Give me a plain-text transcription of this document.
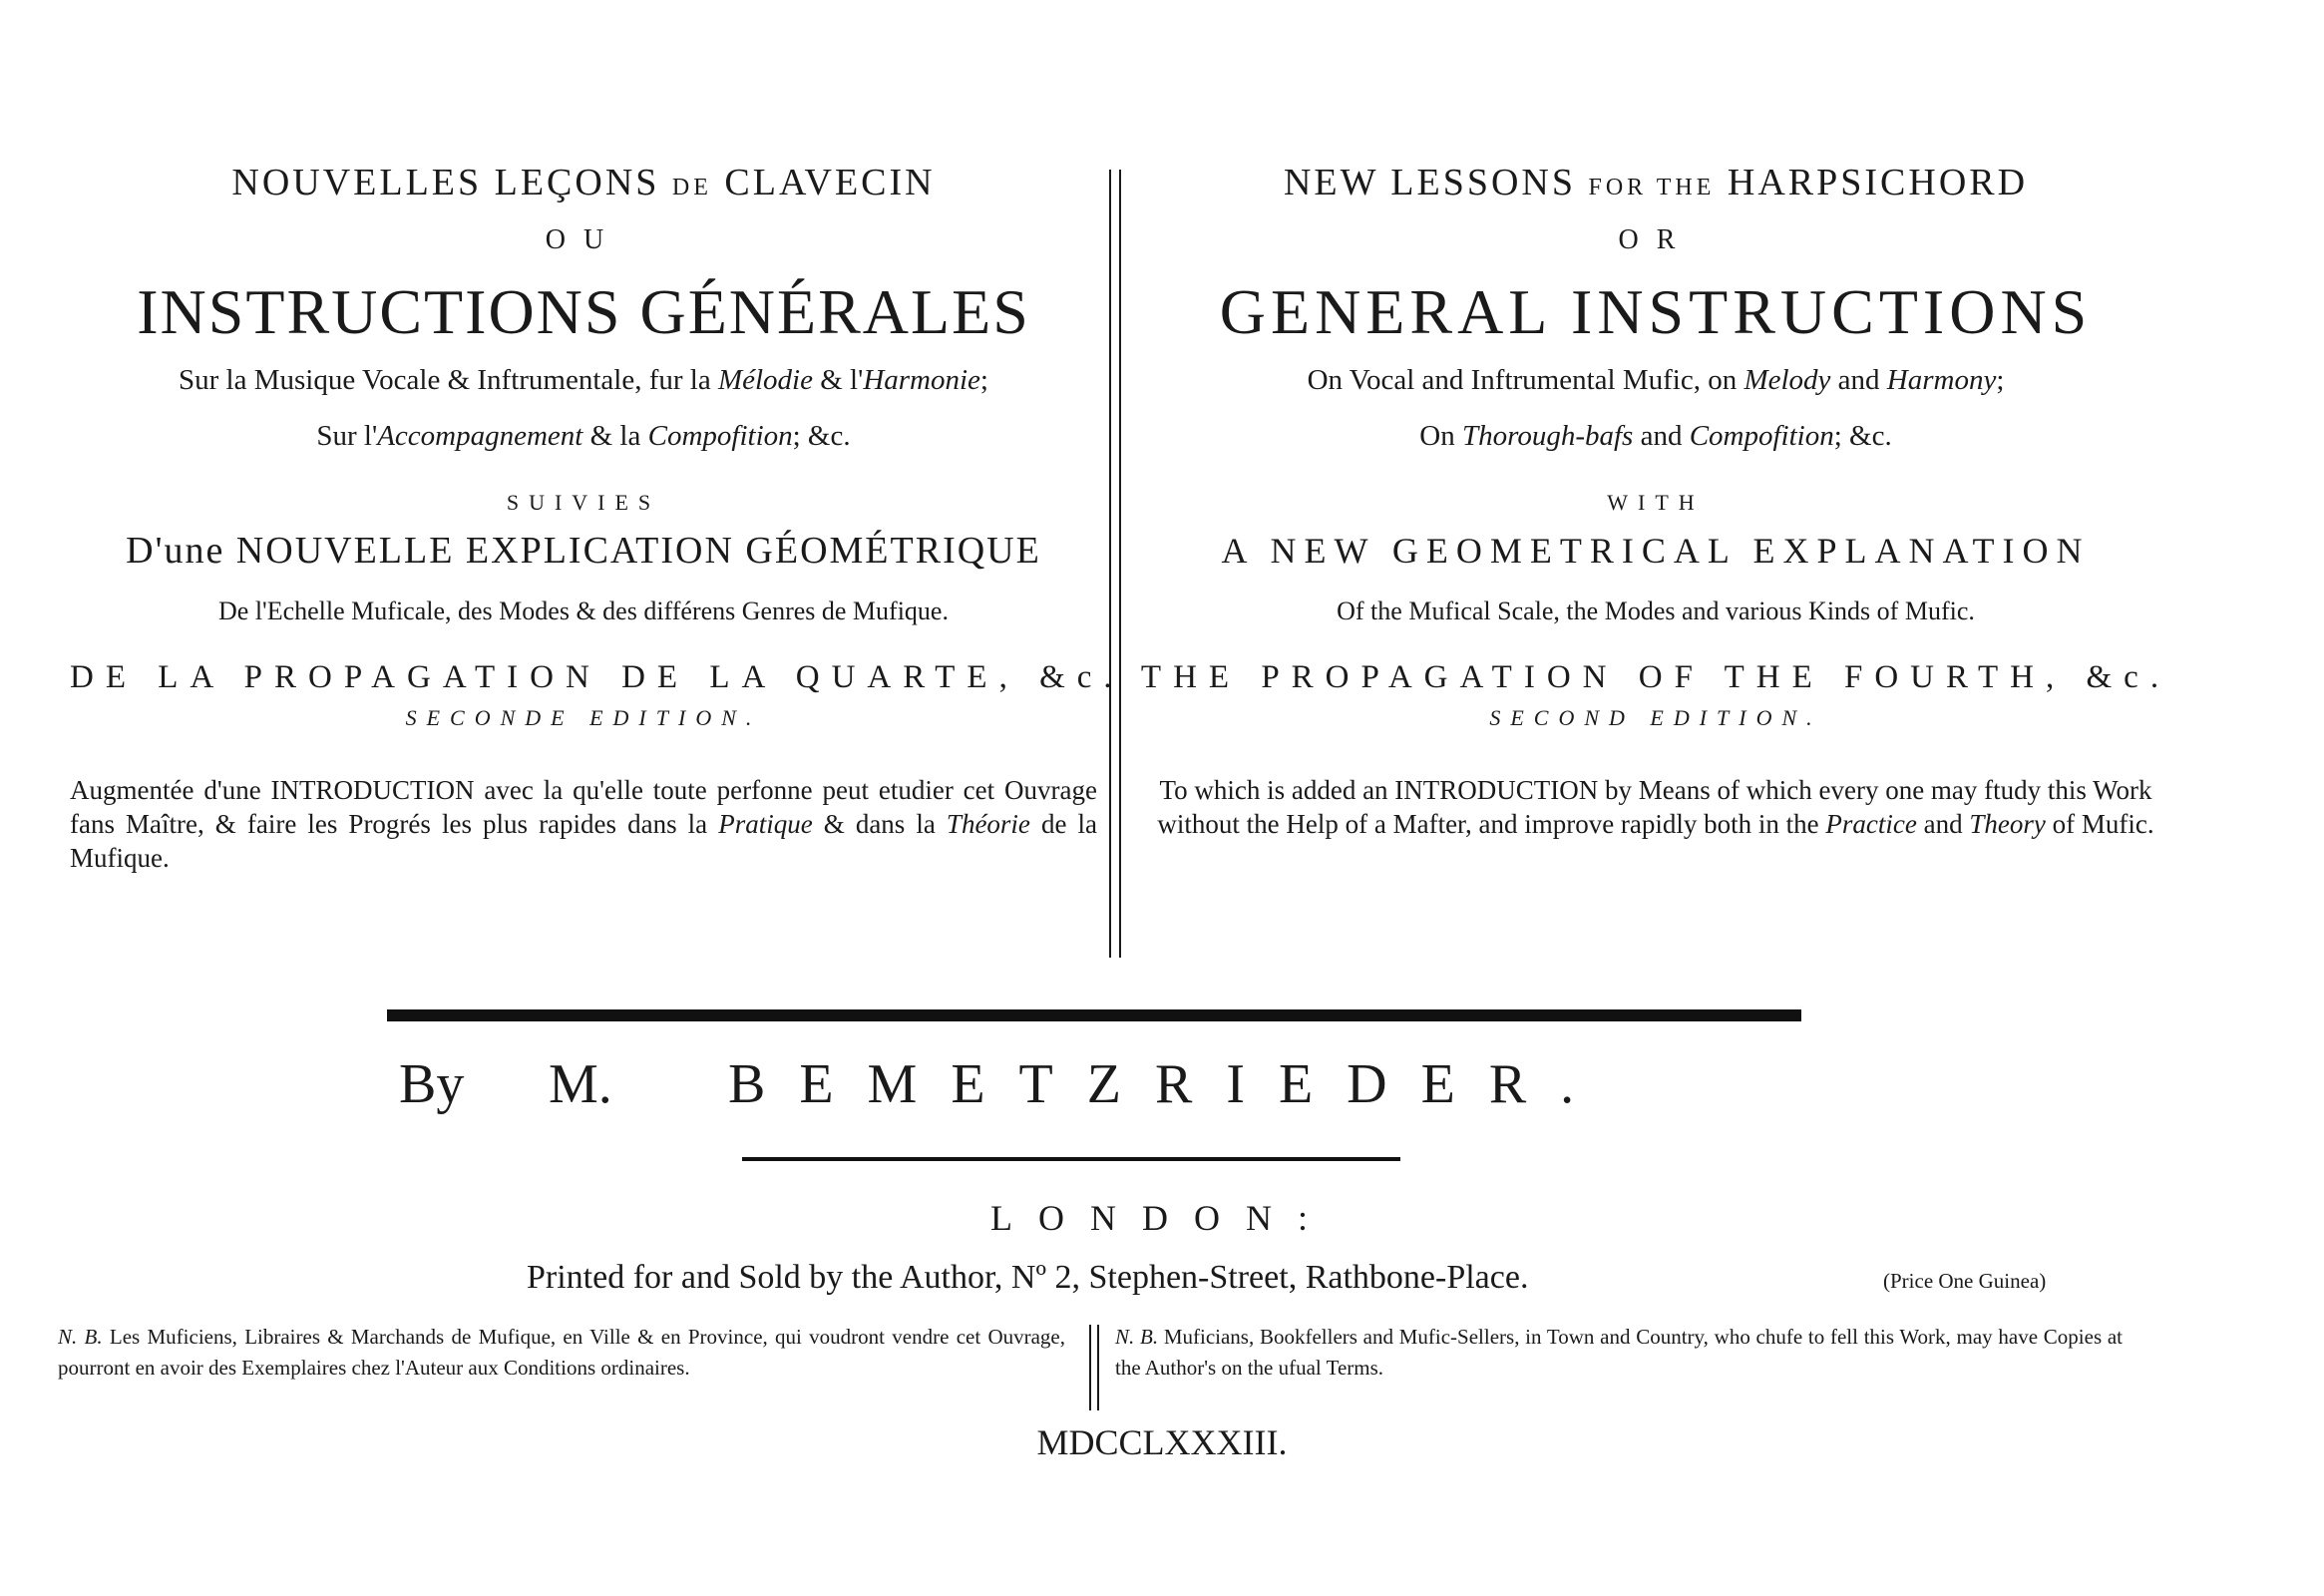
NOUVELLES LEÇONS DE CLAVECIN
OU
INSTRUCTIONS GÉNÉRALES
Sur la Musique Vocale & Inftrumentale, fur la Mélodie & l'Harmonie;
Sur l'Accompagnement & la Compofition; &c.
SUIVIES
D'une NOUVELLE EXPLICATION GÉOMÉTRIQUE
De l'Echelle Muficale, des Modes & des différens Genres de Mufique.
DE LA PROPAGATION DE LA QUARTE, &c.
SECONDE EDITION.
Augmentée d'une INTRODUCTION avec la qu'elle toute perfonne peut etudier cet Ouvrage fans Maître, & faire les Progrés les plus rapides dans la Pratique & dans la Théorie de la Mufique.
NEW LESSONS FOR THE HARPSICHORD
OR
GENERAL INSTRUCTIONS
On Vocal and Inftrumental Mufic, on Melody and Harmony;
On Thorough-bafs and Compofition; &c.
WITH
A NEW GEOMETRICAL EXPLANATION
Of the Mufical Scale, the Modes and various Kinds of Mufic.
THE PROPAGATION OF THE FOURTH, &c.
SECOND EDITION.
To which is added an INTRODUCTION by Means of which every one may ftudy this Work without the Help of a Mafter, and improve rapidly both in the Practice and Theory of Mufic.
By	M.	BEMETZRIEDER.
LONDON:
Printed for and Sold by the Author, Nº 2, Stephen-Street, Rathbone-Place.	(Price One Guinea)
N. B. Les Muficiens, Libraires & Marchands de Mufique, en Ville & en Province, qui voudront vendre cet Ouvrage, pourront en avoir des Exemplaires chez l'Auteur aux Conditions ordinaires.
N. B. Muficians, Bookfellers and Mufic-Sellers, in Town and Country, who chufe to fell this Work, may have Copies at the Author's on the ufual Terms.
MDCCLXXXIII.
